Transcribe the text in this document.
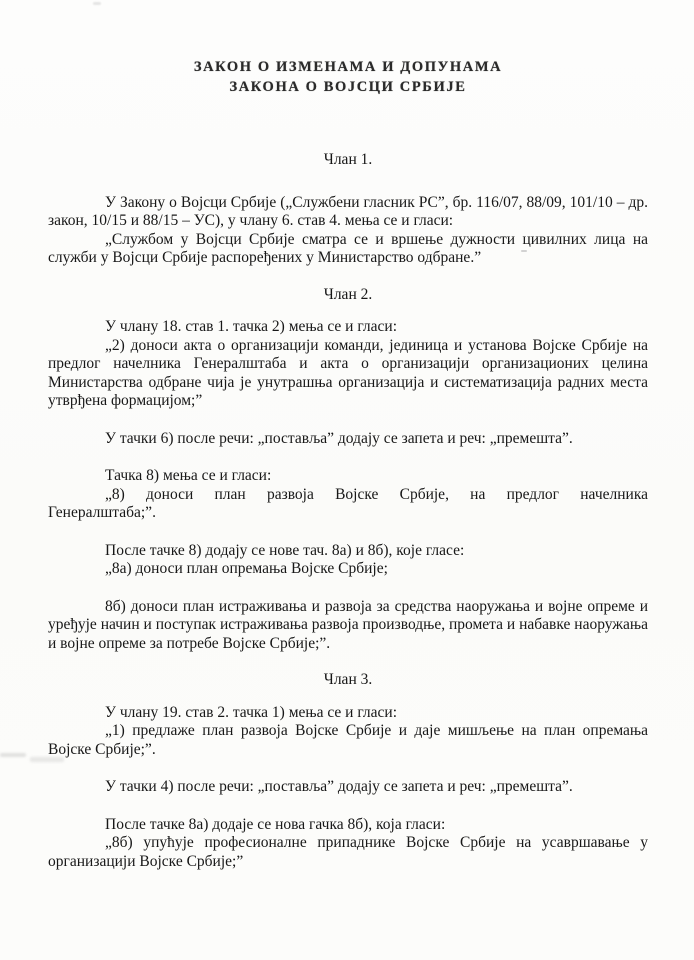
ЗАКОН О ИЗМЕНАМА И ДОПУНАМА
ЗАКОНА О ВОЈСЦИ СРБИЈЕ
Члан 1.

У Закону о Војсци Србије („Службени гласник РС”, бр. 116/07, 88/09, 101/10 – др. закон, 10/15 и 88/15 – УС), у члану 6. став 4. мења се и гласи:

„Службом у Војсци Србије сматра се и вршење дужности цивилних лица на служби у Војсци Србије распоређених у Министарство одбране.”

Члан 2.

У члану 18. став 1. тачка 2) мења се и гласи:

„2) доноси акта о организацији команди, јединица и установа Војске Србије на предлог начелника Генералштаба и акта о организацији организационих целина Министарства одбране чија је унутрашња организација и систематизација радних места утврђена формацијом;”

У тачки 6) после речи: „поставља” додају се запета и реч: „премешта”.

Тачка 8) мења се и гласи:

„8) доноси план развоја Војске Србије, на предлог начелника Генералштаба;”.

После тачке 8) додају се нове тач. 8а) и 8б), које гласе:

„8а) доноси план опремања Војске Србије;

8б) доноси план истраживања и развоја за средства наоружања и војне опреме и уређује начин и поступак истраживања развоја производње, промета и набавке наоружања и војне опреме за потребе Војске Србије;”.

Члан 3.

У члану 19. став 2. тачка 1) мења се и гласи:

„1) предлаже план развоја Војске Србије и даје мишљење на план опремања Војске Србије;”.

У тачки 4) после речи: „поставља” додају се запета и реч: „премешта”.

После тачке 8а) додаје се нова гачка 8б), која гласи:

„8б) упућује професионалне припаднике Војске Србије на усавршавање у организацији Војске Србије;”
